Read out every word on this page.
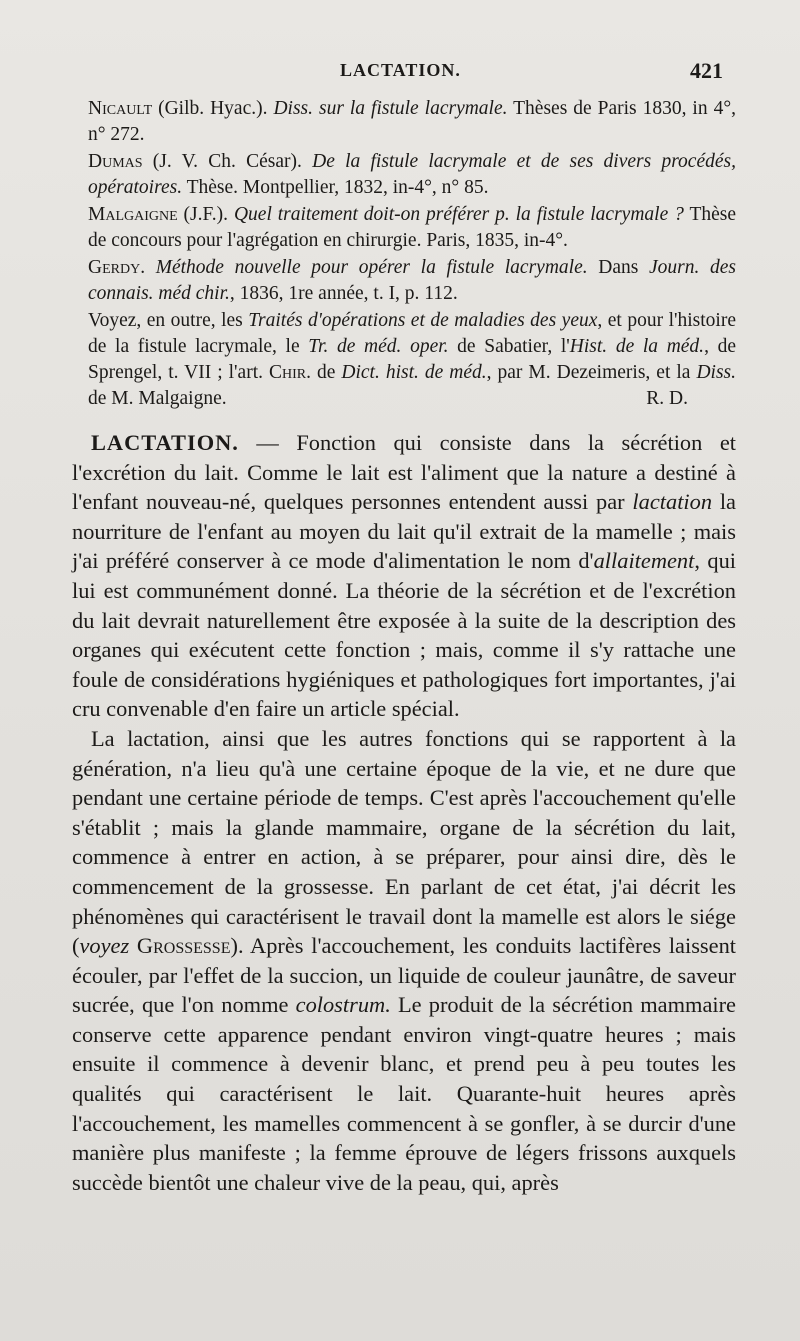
LACTATION.	421

Nicault (Gilb. Hyac.). Diss. sur la fistule lacrymale. Thèses de Paris 1830, in 4°, n° 272.

Dumas (J. V. Ch. César). De la fistule lacrymale et de ses divers procédés, opératoires. Thèse. Montpellier, 1832, in-4°, n° 85.

Malgaigne (J.F.). Quel traitement doit-on préférer p. la fistule lacrymale ? Thèse de concours pour l'agrégation en chirurgie. Paris, 1835, in-4°.

Gerdy. Méthode nouvelle pour opérer la fistule lacrymale. Dans Journ. des connais. méd chir., 1836, 1re année, t. I, p. 112.

Voyez, en outre, les Traités d'opérations et de maladies des yeux, et pour l'histoire de la fistule lacrymale, le Tr. de méd. oper. de Sabatier, l'Hist. de la méd., de Sprengel, t. VII ; l'art. Chir. de Dict. hist. de méd., par M. Dezeimeris, et la Diss. de M. Malgaigne.	R. D.

LACTATION. — Fonction qui consiste dans la sécrétion et l'excrétion du lait. Comme le lait est l'aliment que la nature a destiné à l'enfant nouveau-né, quelques personnes entendent aussi par lactation la nourriture de l'enfant au moyen du lait qu'il extrait de la mamelle ; mais j'ai préféré conserver à ce mode d'alimentation le nom d'allaitement, qui lui est communément donné. La théorie de la sécrétion et de l'excrétion du lait devrait naturellement être exposée à la suite de la description des organes qui exécutent cette fonction ; mais, comme il s'y rattache une foule de considérations hygiéniques et pathologiques fort importantes, j'ai cru convenable d'en faire un article spécial.

La lactation, ainsi que les autres fonctions qui se rapportent à la génération, n'a lieu qu'à une certaine époque de la vie, et ne dure que pendant une certaine période de temps. C'est après l'accouchement qu'elle s'établit ; mais la glande mammaire, organe de la sécrétion du lait, commence à entrer en action, à se préparer, pour ainsi dire, dès le commencement de la grossesse. En parlant de cet état, j'ai décrit les phénomènes qui caractérisent le travail dont la mamelle est alors le siége (voyez Grossesse). Après l'accouchement, les conduits lactifères laissent écouler, par l'effet de la succion, un liquide de couleur jaunâtre, de saveur sucrée, que l'on nomme colostrum. Le produit de la sécrétion mammaire conserve cette apparence pendant environ vingt-quatre heures ; mais ensuite il commence à devenir blanc, et prend peu à peu toutes les qualités qui caractérisent le lait. Quarante-huit heures après l'accouchement, les mamelles commencent à se gonfler, à se durcir d'une manière plus manifeste ; la femme éprouve de légers frissons auxquels succède bientôt une chaleur vive de la peau, qui, après
